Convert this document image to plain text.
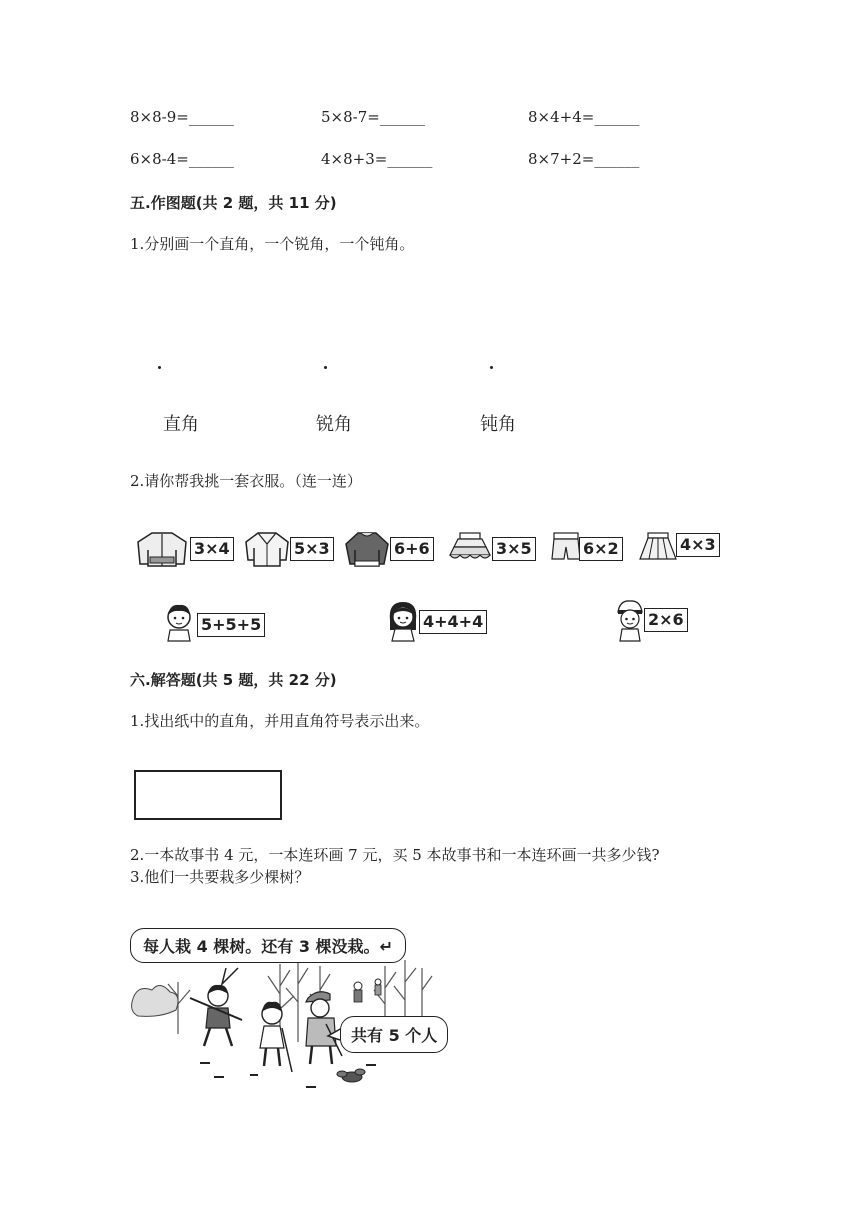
8×8-9=______	5×8-7=______	8×4+4=______
6×8-4=______	4×8+3=______	8×7+2=______
五.作图题(共 2 题，共 11 分)
1.分别画一个直角，一个锐角，一个钝角。
直角	锐角	钝角
2.请你帮我挑一套衣服。（连一连）
3×4	5×3	6+6	3×5	6×2	4×3
5+5+5	4+4+4	2×6
六.解答题(共 5 题，共 22 分)
1.找出纸中的直角，并用直角符号表示出来。
2.一本故事书 4 元，一本连环画 7 元，买 5 本故事书和一本连环画一共多少钱?
3.他们一共要栽多少棵树？
每人栽 4 棵树。还有 3 棵没栽。↵
共有 5 个人
